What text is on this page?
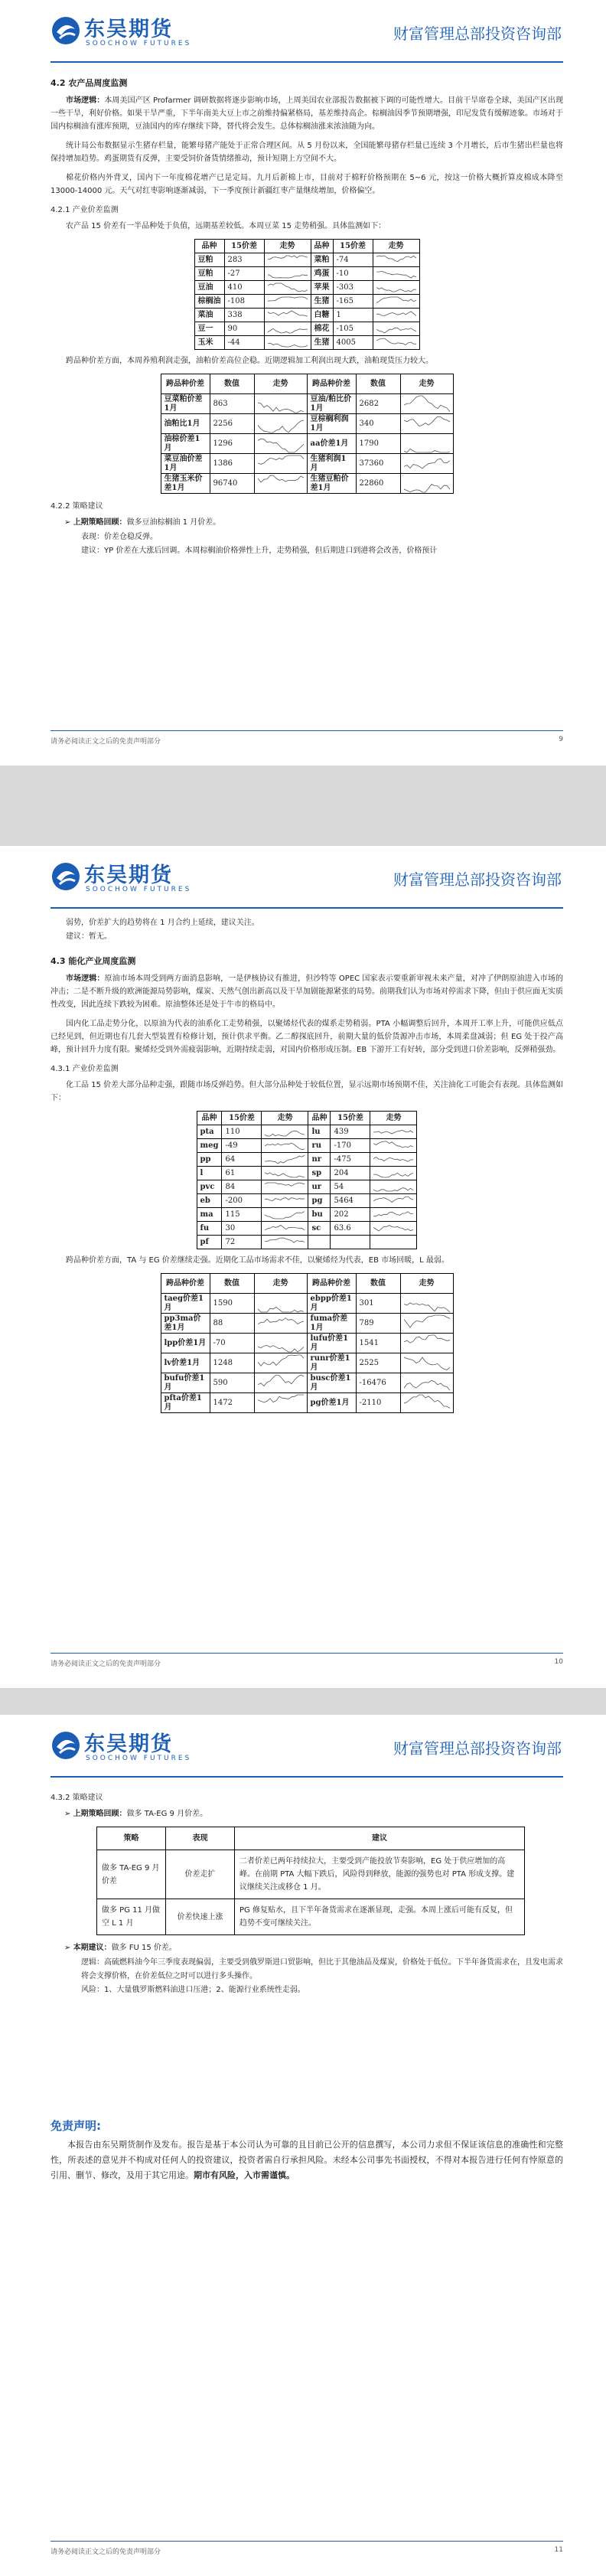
东吴期货
SOOCHOW FUTURES
财富管理总部投资咨询部
4.2 农产品周度监测

市场逻辑：本周美国产区 Profarmer 调研数据将逐步影响市场，上周美国农业部报告数据被下调的可能性增大。目前干旱席卷全球，美国产区出现一些干旱，利好价格。如果干旱严重，下半年南美大豆上市之前维持偏紧格局，基差维持高企。棕榈油因季节预期增强，印尼发货有缓解迹象。市场对于国内棕榈油有涨库预期，豆油国内的库存继续下降，替代将会发生。总体棕榈油涨来浓油随为向。

统计局公布数据显示生猪存栏量，能繁母猪产能处于正常合理区间。从 5 月份以来，全国能繁母猪存栏量已连续 3 个月增长，后市生猪出栏量也将保持增加趋势。鸡蛋期货有反弹，主要受饲价备货情绪推动，预计短期上方空间不大。

棉花价格内外背叉，国内下一年度棉花增产已是定局。九月后新棉上市，目前对于棉籽价格预期在 5~6 元，按这一价格大概折算皮棉成本降至 13000-14000 元。天气对红枣影响逐渐减弱，下一季度预计新疆红枣产量继续增加，价格偏空。

4.2.1 产业价差监测

农产品 15 价差有一半品种处于负值，远期基差较低。本周豆菜 15 走势稍强。具体监测如下：

品种	15价差	走势	品种	15价差	走势
豆粕	283		菜粕	-74	

豆粕	-27		鸡蛋	-10	

豆油	410		苹果	-303	

棕榈油	-108		生猪	-165	

菜油	338		白糖	1	

豆一	90		棉花	-105	

玉米	-44		生猪	4005	

跨品种价差方面，本周养殖利润走强，油粕价差高位企稳。近期逻辑加工利润出现大跌，油粕现货压力较大。

跨品种价差	数值	走势	跨品种价差	数值	走势
豆菜粕价差1月	863		豆油/粕比价1月	2682	

油粕比1月	2256		豆棕榈利润1月	340	

油棕价差1月	1296		aa价差1月	1790	

菜豆油价差1月	1386		生猪利润1月	37360	

生猪玉米价差1月	96740		生猪豆粕价差1月	22860	
4.2.2 策略建议
➢ 上期策略回顾：做多豆油棕榈油 1 月价差。
表现：价差仓稳反弹。
建议：YP 价差在大涨后回调。本周棕榈油价格弹性上升，走势稍强，但后期进口到港将会改善，价格预计
请务必阅读正文之后的免责声明部分	9
东吴期货
SOOCHOW FUTURES
财富管理总部投资咨询部
弱势，价差扩大的趋势将在 1 月合约上延续，建议关注。
建议：暂无。
4.3 能化产业周度监测

市场逻辑：原油市场本周受到两方面消息影响，一是伊核协议有推进，但沙特等 OPEC 国家表示要重新审视未来产量，对冲了伊朗原油进入市场的冲击；二是不断升级的欧洲能源局势影响，煤炭、天然气创出新高以及干旱加剧能源紧张的局势。前期我们认为市场对停需求下降，但由于供应面无实质性改变，因此连续下跌较为困难。原油整体还是处于牛市的格局中。

国内化工品走势分化，以原油为代表的油系化工走势稍强，以聚烯烃代表的煤系走势稍弱。PTA 小幅调整后回升，本周开工率上升，可能供应低点已经见到，但近期也有几套大型装置有检修计划，预计供求平衡。乙二醇探底回升，前期大量的低价货源冲击市场，本周柔盘减弱；但 EG 处于投产高峰，预计回升力度有限。聚烯烃受到外需疲弱影响，近期持续走弱，对国内价格形成压制。EB 下游开工有好转，部分受到进口价差影响，反弹稍强劲。

4.3.1 产业价差监测

化工品 15 价差大部分品种走强，跟随市场反弹趋势。但大部分品种处于较低位置，显示远期市场预期不佳，关注油化工可能会有表现。具体监测如下：

品种	15价差	走势	品种	15价差	走势
pta	110		lu	439	

meg	-49		ru	-170	

pp	64		nr	-475	

l	61		sp	204	

pvc	84		ur	54	

eb	-200		pg	5464	

ma	115		bu	202	

fu	30		sc	63.6	

pf	72	

跨品种价差方面，TA 与 EG 价差继续走强。近期化工品市场需求不佳，以聚烯烃为代表，EB 市场回暖，L 最弱。

跨品种价差	数值	走势	跨品种价差	数值	走势
taeg价差1月	1590		ebpp价差1月	301	

pp3ma价差1月	88		fuma价差1月	789	

lpp价差1月	-70		lufu价差1月	1541	

lv价差1月	1248		runr价差1月	2525	

bufu价差1月	590		busc价差1月	-16476	

pfta价差1月	1472		pg价差1月	-2110	
请务必阅读正文之后的免责声明部分	10
东吴期货
SOOCHOW FUTURES
财富管理总部投资咨询部
4.3.2 策略建议
➢ 上期策略回顾：做多 TA-EG 9 月价差。
策略	表现	建议
做多 TA-EG 9 月价差	价差走扩	二者价差已两年持续拉大，主要受到产能投放节奏影响，EG 处于供应增加的高峰。在前期 PTA 大幅下跌后，风险得到释放，能源的强势也对 PTA 形成支撑。建议继续关注或移仓 1 月。
做多 PG 11 月做空 L 1 月	价差快速上涨	PG 修复贴水，且下半年备货需求在逐渐显现，走强。本周上涨后可能有反复，但趋势不变可继续关注。
➢ 本期建议：做多 FU 15 价差。
逻辑：高硫燃料油今年三季度表现偏弱，主要受到俄罗斯进口贸影响，但比于其他油品及煤炭，价格处于低位。下半年备货需求在，且发电需求将会支撑价格，在价差低位之时可以进行多头操作。
风险：1、大量俄罗斯燃料油进口压港；2、能源行业系统性走弱。
免责声明:

本报告由东吴期货制作及发布。报告是基于本公司认为可靠的且目前已公开的信息撰写，本公司力求但不保证该信息的准确性和完整性，所表述的意见并不构成对任何人的投资建议，投资者需自行承担风险。未经本公司事先书面授权，不得对本报告进行任何有悖原意的引用、删节、修改，及用于其它用途。期市有风险，入市需谨慎。

请务必阅读正文之后的免责声明部分	11
